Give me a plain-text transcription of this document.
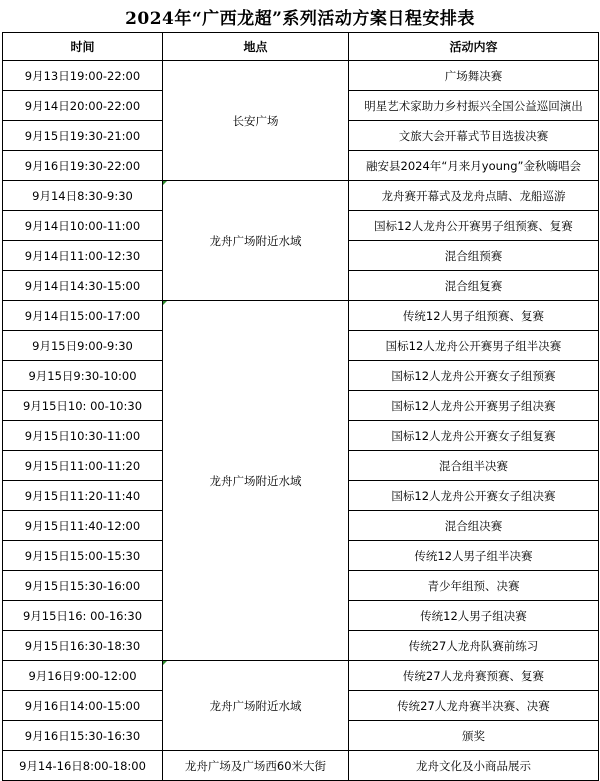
2024年“广西龙超”系列活动方案日程安排表
时间	地点	活动内容
9月13日19:00-22:00	长安广场	广场舞决赛
9月14日20:00-22:00		明星艺术家助力乡村振兴全国公益巡回演出
9月15日19:30-21:00		文旅大会开幕式节目选拔决赛
9月16日19:30-22:00		融安县2024年“月来月young”金秋嗨唱会
9月14日8:30-9:30	龙舟广场附近水域	龙舟赛开幕式及龙舟点睛、龙船巡游
9月14日10:00-11:00		国标12人龙舟公开赛男子组预赛、复赛
9月14日11:00-12:30		混合组预赛
9月14日14:30-15:00		混合组复赛
9月14日15:00-17:00	龙舟广场附近水域	传统12人男子组预赛、复赛
9月15日9:00-9:30		国标12人龙舟公开赛男子组半决赛
9月15日9:30-10:00		国标12人龙舟公开赛女子组预赛
9月15日10: 00-10:30		国标12人龙舟公开赛男子组决赛
9月15日10:30-11:00		国标12人龙舟公开赛女子组复赛
9月15日11:00-11:20		混合组半决赛
9月15日11:20-11:40		国标12人龙舟公开赛女子组决赛
9月15日11:40-12:00		混合组决赛
9月15日15:00-15:30		传统12人男子组半决赛
9月15日15:30-16:00		青少年组预、决赛
9月15日16: 00-16:30		传统12人男子组决赛
9月15日16:30-18:30		传统27人龙舟队赛前练习
9月16日9:00-12:00	龙舟广场附近水域	传统27人龙舟赛预赛、复赛
9月16日14:00-15:00		传统27人龙舟赛半决赛、决赛
9月16日15:30-16:30		颁奖
9月14-16日8:00-18:00	龙舟广场及广场西60米大街	龙舟文化及小商品展示
